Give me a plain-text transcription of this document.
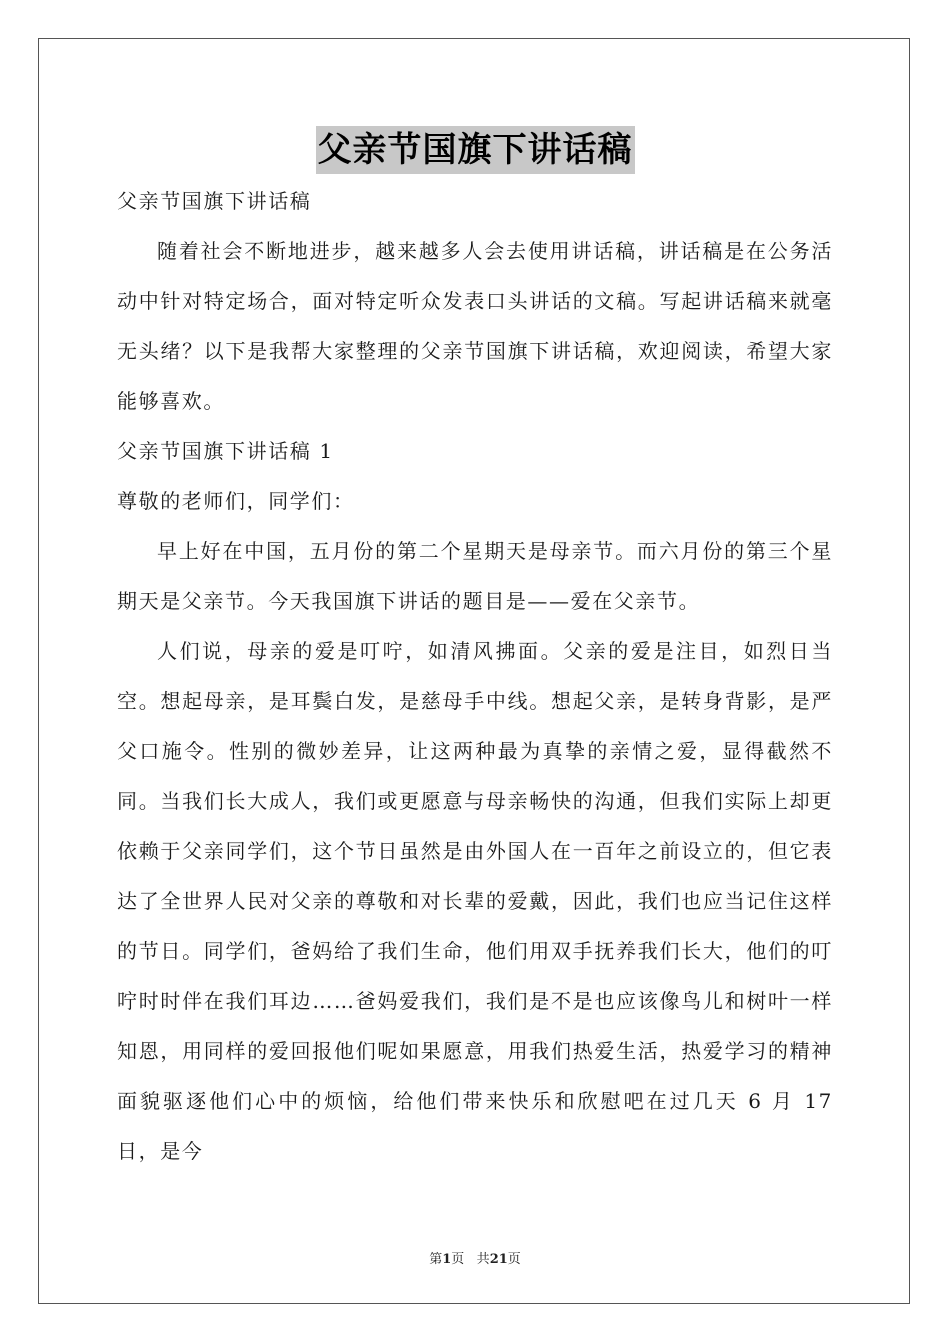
父亲节国旗下讲话稿

父亲节国旗下讲话稿

随着社会不断地进步，越来越多人会去使用讲话稿，讲话稿是在公务活动中针对特定场合，面对特定听众发表口头讲话的文稿。写起讲话稿来就毫无头绪？以下是我帮大家整理的父亲节国旗下讲话稿，欢迎阅读，希望大家能够喜欢。

父亲节国旗下讲话稿 1

尊敬的老师们，同学们：

早上好在中国，五月份的第二个星期天是母亲节。而六月份的第三个星期天是父亲节。今天我国旗下讲话的题目是——爱在父亲节。

人们说，母亲的爱是叮咛，如清风拂面。父亲的爱是注目，如烈日当空。想起母亲，是耳鬓白发，是慈母手中线。想起父亲，是转身背影，是严父口施令。性别的微妙差异，让这两种最为真挚的亲情之爱，显得截然不同。当我们长大成人，我们或更愿意与母亲畅快的沟通，但我们实际上却更依赖于父亲同学们，这个节日虽然是由外国人在一百年之前设立的，但它表达了全世界人民对父亲的尊敬和对长辈的爱戴，因此，我们也应当记住这样的节日。同学们，爸妈给了我们生命，他们用双手抚养我们长大，他们的叮咛时时伴在我们耳边……爸妈爱我们，我们是不是也应该像鸟儿和树叶一样知恩，用同样的爱回报他们呢如果愿意，用我们热爱生活，热爱学习的精神面貌驱逐他们心中的烦恼，给他们带来快乐和欣慰吧在过几天 6 月 17 日，是今

第1页 共21页
